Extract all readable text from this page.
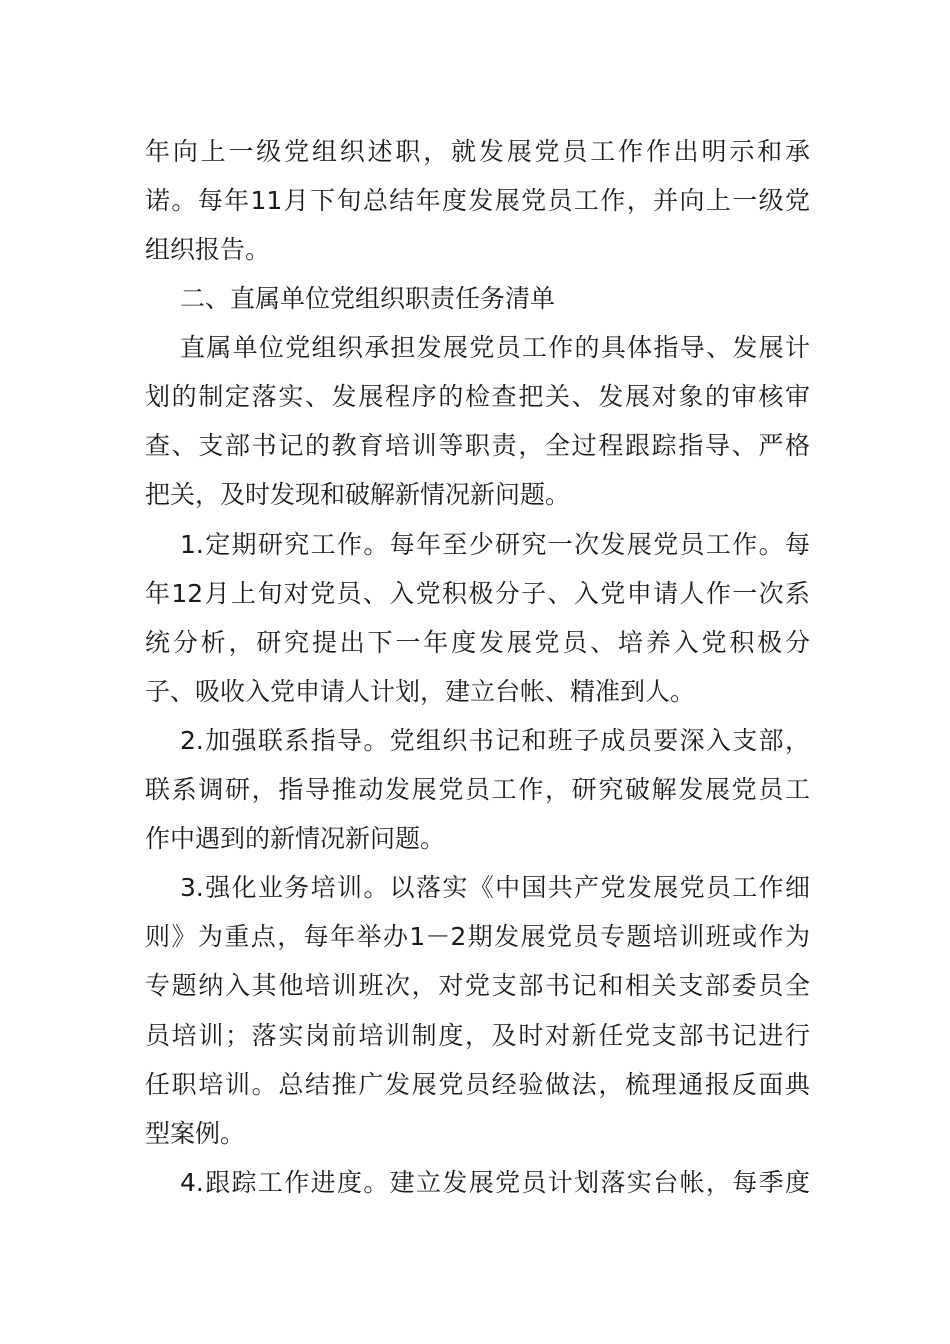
年向上一级党组织述职，就发展党员工作作出明示和承
诺。每年11月下旬总结年度发展党员工作，并向上一级党
组织报告。
二、直属单位党组织职责任务清单
直属单位党组织承担发展党员工作的具体指导、发展计
划的制定落实、发展程序的检查把关、发展对象的审核审
查、支部书记的教育培训等职责，全过程跟踪指导、严格
把关，及时发现和破解新情况新问题。
1.定期研究工作。每年至少研究一次发展党员工作。每
年12月上旬对党员、入党积极分子、入党申请人作一次系
统分析，研究提出下一年度发展党员、培养入党积极分
子、吸收入党申请人计划，建立台帐、精准到人。
2.加强联系指导。党组织书记和班子成员要深入支部，
联系调研，指导推动发展党员工作，研究破解发展党员工
作中遇到的新情况新问题。
3.强化业务培训。以落实《中国共产党发展党员工作细
则》为重点，每年举办1－2期发展党员专题培训班或作为
专题纳入其他培训班次，对党支部书记和相关支部委员全
员培训；落实岗前培训制度，及时对新任党支部书记进行
任职培训。总结推广发展党员经验做法，梳理通报反面典
型案例。
4.跟踪工作进度。建立发展党员计划落实台帐，每季度
